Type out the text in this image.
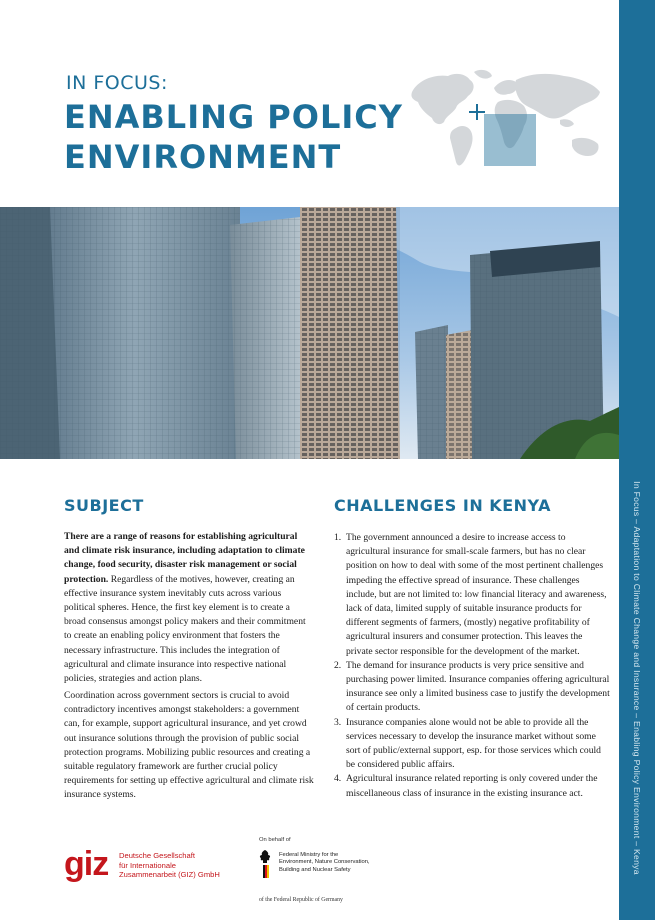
In Focus – Adaptation to Climate Change and Insurance – Enabling Policy Environment – Kenya
IN FOCUS:
ENABLING POLICY
ENVIRONMENT
SUBJECT

There are a range of reasons for establishing agricultural and climate risk insurance, including adaptation to climate change, food security, disaster risk management or social protection. Regardless of the motives, however, creating an effective insurance system inevitably cuts across various political spheres. Hence, the first key element is to create a broad consensus amongst policy makers and their commitment to create an enabling policy environment that fosters the necessary infrastructure. This includes the integration of agricultural and climate insurance into respective national policies, strategies and action plans.

Coordination across government sectors is crucial to avoid contradictory incentives amongst stakeholders: a government can, for example, support agricultural insurance, and yet crowd out insurance solutions through the provision of public social protection programs. Mobilizing public resources and creating a suitable regulatory framework are further crucial policy requirements for setting up effective agricultural and climate risk insurance systems.

CHALLENGES IN KENYA
1. The government announced a desire to increase access to agricultural insurance for small-scale farmers, but has no clear position on how to deal with some of the most pertinent challenges impeding the effective spread of insurance. These challenges include, but are not limited to: low financial literacy and awareness, lack of data, limited supply of suitable insurance products for different segments of farmers, (mostly) negative profitability of agricultural insurers and consumer protection. This leaves the private sector responsible for the development of the market.
2. The demand for insurance products is very price sensitive and purchasing power limited. Insurance companies offering agricultural insurance see only a limited business case to justify the development of certain products.
3. Insurance companies alone would not be able to provide all the services necessary to develop the insurance market without some sort of public/external support, esp. for those services which could be considered public affairs.
4. Agricultural insurance related reporting is only covered under the miscellaneous class of insurance in the existing insurance act.
giz Deutsche Gesellschaft
für Internationale
Zusammenarbeit (GIZ) GmbH
On behalf of
Federal Ministry for the
Environment, Nature Conservation,
Building and Nuclear Safety
of the Federal Republic of Germany
